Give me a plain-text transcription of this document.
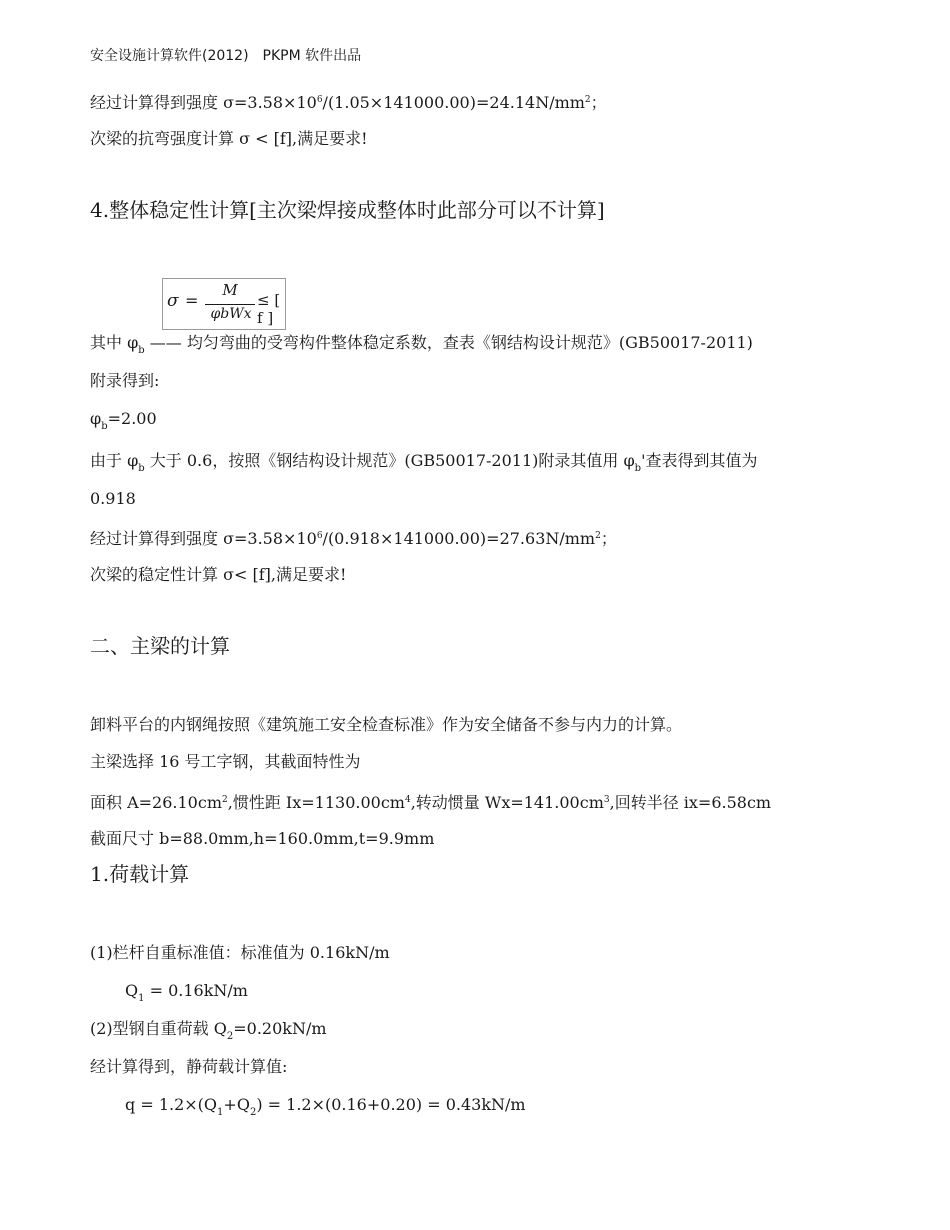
安全设施计算软件(2012)　PKPM 软件出品
经过计算得到强度 $\sigma=3.58\times 10^6/(1.05\times 141000.00)=24.14N/mm^2$；
次梁的抗弯强度计算 σ < [f],满足要求!
4.整体稳定性计算[主次梁焊接成整体时此部分可以不计算]
σ =
M
φbWx
≤ [ f ]
其中 $\varphi_b$ —— 均匀弯曲的受弯构件整体稳定系数，查表《钢结构设计规范》(GB50017-2011)
附录得到:
$\varphi_b=2.00$
由于 $\varphi_b$ 大于 0.6，按照《钢结构设计规范》(GB50017-2011)附录其值用 $\varphi_b'$查表得到其值为
0.918
经过计算得到强度 $\sigma=3.58\times 10^6/(0.918\times 141000.00)=27.63N/mm^2$；
次梁的稳定性计算 σ< [f],满足要求!
二、主梁的计算
卸料平台的内钢绳按照《建筑施工安全检查标准》作为安全储备不参与内力的计算。
主梁选择 16 号工字钢，其截面特性为
面积 $A=26.10cm^2$,惯性距 $Ix=1130.00cm^4$,转动惯量 $Wx=141.00cm^3$,回转半径 ix=6.58cm
截面尺寸 b=88.0mm,h=160.0mm,t=9.9mm
1.荷载计算
(1)栏杆自重标准值：标准值为 0.16kN/m
$Q_1 = 0.16kN/m$
(2)型钢自重荷载 $Q_2=0.20kN/m$
经计算得到，静荷载计算值:
$q = 1.2\times(Q_1+Q_2) = 1.2\times(0.16+0.20) = 0.43kN/m$
